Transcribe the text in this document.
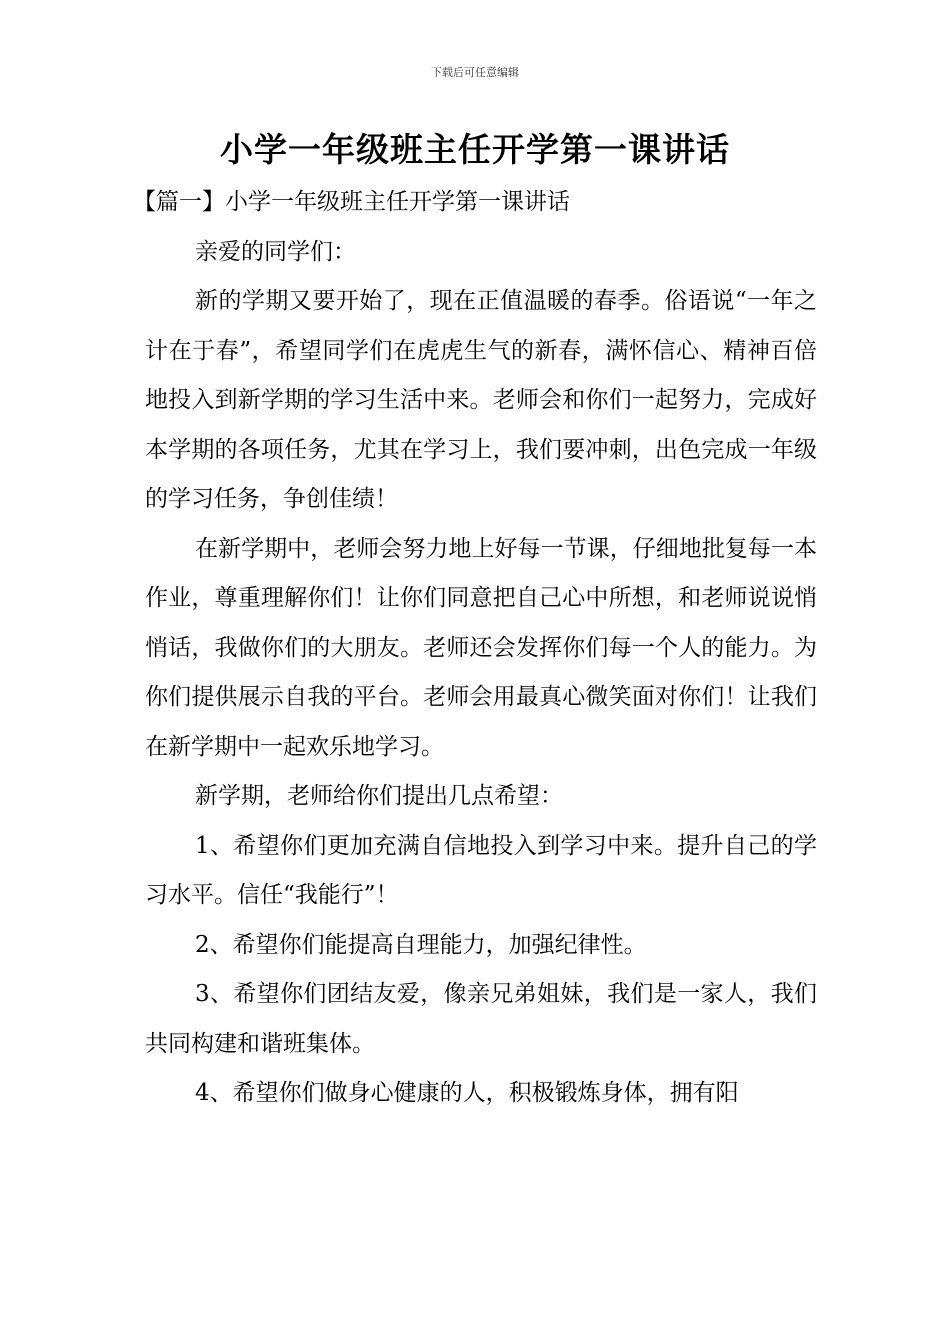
下载后可任意编辑
小学一年级班主任开学第一课讲话

【篇一】小学一年级班主任开学第一课讲话

亲爱的同学们：

新的学期又要开始了，现在正值温暖的春季。俗语说“一年之计在于春”，希望同学们在虎虎生气的新春，满怀信心、精神百倍地投入到新学期的学习生活中来。老师会和你们一起努力，完成好本学期的各项任务，尤其在学习上，我们要冲刺，出色完成一年级的学习任务，争创佳绩！

在新学期中，老师会努力地上好每一节课，仔细地批复每一本作业，尊重理解你们！让你们同意把自己心中所想，和老师说说悄悄话，我做你们的大朋友。老师还会发挥你们每一个人的能力。为你们提供展示自我的平台。老师会用最真心微笑面对你们！让我们在新学期中一起欢乐地学习。

新学期，老师给你们提出几点希望：

1、希望你们更加充满自信地投入到学习中来。提升自己的学习水平。信任“我能行”！

2、希望你们能提高自理能力，加强纪律性。

3、希望你们团结友爱，像亲兄弟姐妹，我们是一家人，我们共同构建和谐班集体。

4、希望你们做身心健康的人，积极锻炼身体，拥有阳
